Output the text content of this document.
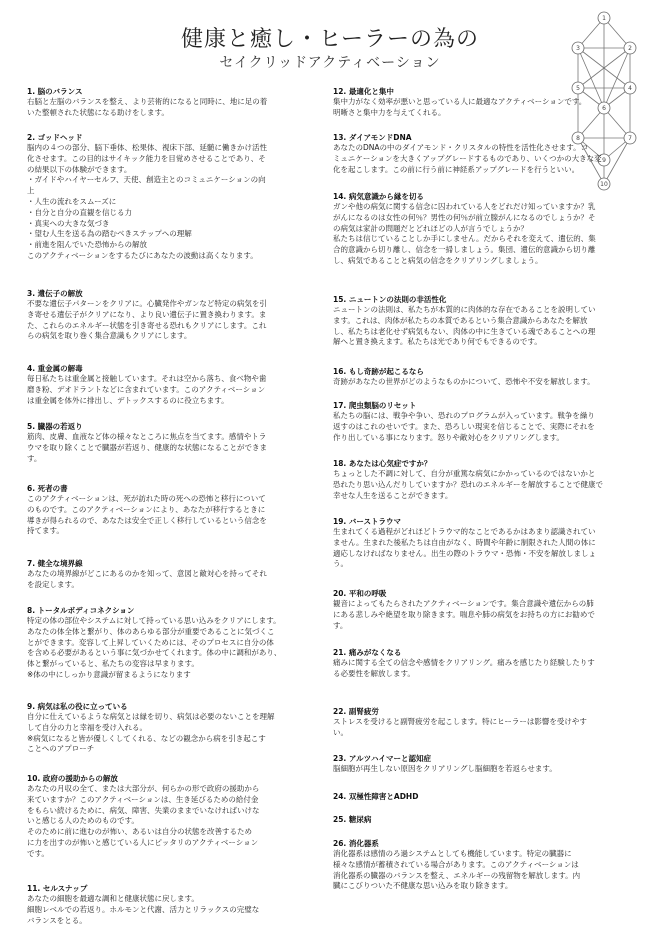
健康と癒し・ヒーラーの為の
セイクリッドアクティベーション
1
2
3
4
5
6
7
8
9
10
1. 脳のバランス
右脳と左脳のバランスを整え、より芸術的になると同時に、地に足の着
いた整頓された状態になる助けをします。
2. ゴッドヘッド
脳内の４つの部分、脳下垂体、松果体、視床下部、延髄に働きかけ活性
化させます。この目的はサイキック能力を目覚めさせることであり、そ
の結果以下の体験ができます。
・ガイドやハイヤーセルフ、天使、創造主とのコミュニケーションの向
上
・人生の流れをスムーズに
・自分と自分の直観を信じる力
・真実への大きな気づき
・望む人生を送る為の踏むべきステップへの理解
・前進を阻んでいた恐怖からの解放
このアクティベーションをするたびにあなたの波動は高くなります。
3. 遺伝子の解放
不要な遺伝子パターンをクリアに。心臓発作やガンなど特定の病気を引
き寄せる遺伝子がクリアになり、より良い遺伝子に置き換わります。ま
た、これらのエネルギー状態を引き寄せる恐れもクリアにします。これ
らの病気を取り巻く集合意識もクリアにします。
4. 重金属の解毒
毎日私たちは重金属と接触しています。それは空から落ち、食べ物や歯
磨き粉、デオドラントなどに含まれています。このアクティベーション
は重金属を体外に排出し、デトックスするのに役立ちます。
5. 臓器の若返り
筋肉、皮膚、血液など体の様々なところに焦点を当てます。感情やトラ
ウマを取り除くことで臓器が若返り、健康的な状態になることができま
す。
6. 死者の書
このアクティベーションは、死が訪れた時の死への恐怖と移行について
のものです。このアクティベーションにより、あなたが移行するときに
導きが得られるので、あなたは安全で正しく移行しているという信念を
持てます。
7. 健全な境界線
あなたの境界線がどこにあるのかを知って、意図と敵対心を持ってそれ
を設定します。
8. トータルボディコネクション
特定の体の部位やシステムに対して持っている思い込みをクリアにします。
あなたの体全体と繋がり、体のあらゆる部分が重要であることに気づくこ
とができます。変容して上昇していくためには、そのプロセスに自分の体
を含める必要があるという事に気づかせてくれます。体の中に調和があり、
体と繋がっていると、私たちの変容は早まります。
※体の中にしっかり意識が留まるようになります
9. 病気は私の役に立っている
自分に仕えているような病気とは縁を切り、病気は必要のないことを理解
して自分の力と幸福を受け入れる。
※病気になると皆が優しくしてくれる、などの観念から病を引き起こす
ことへのアプローチ
10. 政府の援助からの解放
あなたの月収の全て、または大部分が、何らかの形で政府の援助から
来ていますか？このアクティベーションは、生き延びるための給付金
をもらい続けるために、病気、障害、失業のままでいなければいけな
いと感じる人のためのものです。
そのために前に進むのが怖い、あるいは自分の状態を改善するため
に力を出すのが怖いと感じている人にピッタリのアクティベーション
です。
11. セルスナップ
あなたの細胞を最適な調和と健康状態に戻します。
細胞レベルでの若返り。ホルモンと代謝、活力とリラックスの完璧な
バランスをとる。
12. 最適化と集中
集中力がなく効率が悪いと思っている人に最適なアクティベーションです。
明晰さと集中力を与えてくれる。
13. ダイアモンドDNA
あなたのDNAの中のダイアモンド・クリスタルの特性を活性化させます。コ
ミュニケーションを大きくアップグレードするものであり、いくつかの大きな変
化を起こします。この前に行う前に神経系アップグレードを行うといい。
14. 病気意識から縁を切る
ガンや他の病気に関する信念に囚われている人をどれだけ知っていますか？乳
がんになるのは女性の何％？男性の何％が前立腺がんになるのでしょうか？そ
の病気は家計の問題だとどれほどの人が言うでしょうか？
私たちは信じていることしか手にしません。だからそれを変えて、遺伝的、集
合的意識から切り離し、信念を一掃しましょう。集団、遺伝的意識から切り離
し、病気であることと病気の信念をクリアリングしましょう。
15. ニュートンの法則の非活性化
ニュートンの法則は、私たちが本質的に肉体的な存在であることを説明してい
ます。これは、肉体が私たちの本質であるという集合意識からあなたを解放
し、私たちは老化せず病気もない、肉体の中に生きている魂であることへの理
解へと置き換えます。私たちは光であり何でもできるのです。
16. もし奇跡が起こるなら
奇跡があなたの世界がどのようなものかについて、恐怖や不安を解放します。
17. 爬虫類脳のリセット
私たちの脳には、戦争や争い、恐れのプログラムが入っています。戦争を繰り
返すのはこれのせいです。また、恐ろしい現実を信じることで、実際にそれを
作り出している事になります。怒りや敵対心をクリアリングします。
18. あなたは心気症ですか？
ちょっとした不調に対して、自分が重篤な病気にかかっているのではないかと
恐れたり思い込んだりしていますか？恐れのエネルギーを解放することで健康で
幸せな人生を送ることができます。
19. バーストラウマ
生まれてくる過程がどれほどトラウマ的なことであるかはあまり認識されてい
ません。生まれた後私たちは自由がなく、時間や年齢に制限された人間の体に
適応しなければなりません。出生の際のトラウマ・恐怖・不安を解放しましょ
う。
20. 平和の呼吸
観音によってもたらされたアクティベーションです。集合意識や遺伝からの肺
にある悲しみや絶望を取り除きます。喘息や肺の病気をお持ちの方にお勧めで
す。
21. 痛みがなくなる
痛みに関する全ての信念や感情をクリアリング。痛みを感じたり経験したりす
る必要性を解放します。
22. 副腎疲労
ストレスを受けると副腎疲労を起こします。特にヒーラーは影響を受けやす
い。
23. アルツハイマーと認知症
脳細胞が再生しない原因をクリアリングし脳細胞を若返らせます。
24. 双極性障害とADHD
25. 糖尿病
26. 消化器系
消化器系は感情のろ過システムとしても機能しています。特定の臓器に
様々な感情が蓄積されている場合があります。このアクティベーションは
消化器系の臓器のバランスを整え、エネルギーの残留物を解放します。内
臓にこびりついた不健康な思い込みを取り除きます。
